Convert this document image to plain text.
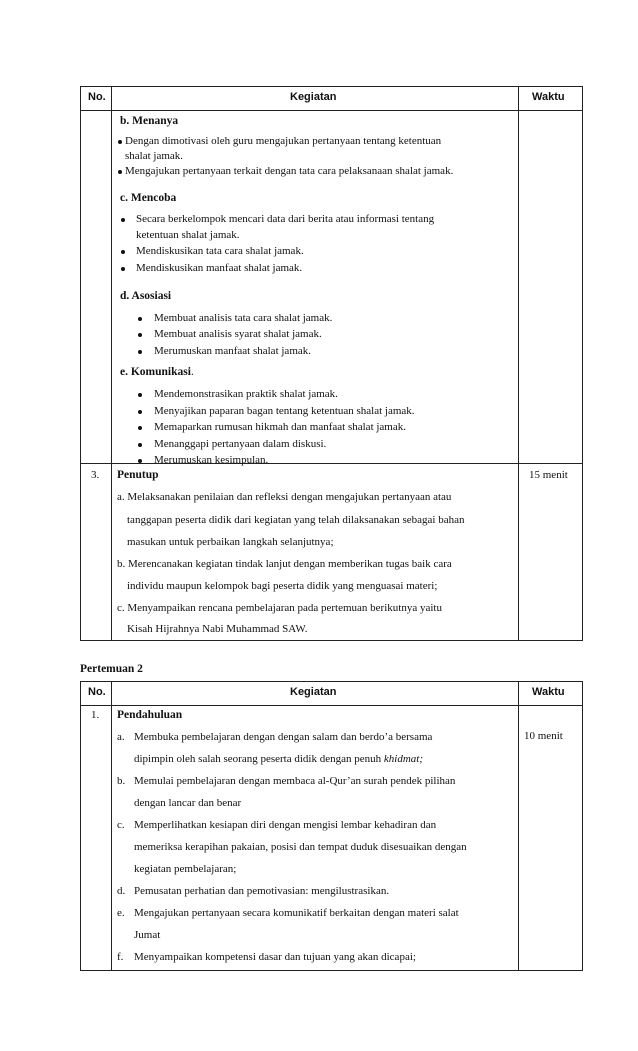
No.	Kegiatan	Waktu
b. Menanya
Dengan dimotivasi oleh guru mengajukan pertanyaan tentang ketentuan
shalat jamak.
Mengajukan pertanyaan terkait dengan tata cara pelaksanaan shalat jamak.
c. Mencoba
Secara berkelompok mencari data dari berita atau informasi tentang
ketentuan shalat jamak.
Mendiskusikan tata cara shalat jamak.
Mendiskusikan manfaat shalat jamak.
d. Asosiasi
Membuat analisis tata cara shalat jamak.
Membuat analisis syarat shalat jamak.
Merumuskan manfaat shalat jamak.
e. Komunikasi.
Mendemonstrasikan praktik shalat jamak.
Menyajikan paparan bagan tentang ketentuan shalat jamak.
Memaparkan rumusan hikmah dan manfaat shalat jamak.
Menanggapi pertanyaan dalam diskusi.
Merumuskan kesimpulan.
3. Penutup	15 menit
a. Melaksanakan penilaian dan refleksi dengan mengajukan pertanyaan atau
tanggapan peserta didik dari kegiatan yang telah dilaksanakan sebagai bahan
masukan untuk perbaikan langkah selanjutnya;
b. Merencanakan kegiatan tindak lanjut dengan memberikan tugas baik cara
individu maupun kelompok bagi peserta didik yang menguasai materi;
c. Menyampaikan rencana pembelajaran pada pertemuan berikutnya yaitu
Kisah Hijrahnya Nabi Muhammad SAW.
Pertemuan 2
No.	Kegiatan	Waktu
1. Pendahuluan
10 menit
a. Membuka pembelajaran dengan dengan salam dan berdo’a bersama
dipimpin oleh salah seorang peserta didik dengan penuh khidmat;
b. Memulai pembelajaran dengan membaca al-Qur’an surah pendek pilihan
dengan lancar dan benar
c. Memperlihatkan kesiapan diri dengan mengisi lembar kehadiran dan
memeriksa kerapihan pakaian, posisi dan tempat duduk disesuaikan dengan
kegiatan pembelajaran;
d. Pemusatan perhatian dan pemotivasian: mengilustrasikan.
e. Mengajukan pertanyaan secara komunikatif berkaitan dengan materi salat
Jumat
f. Menyampaikan kompetensi dasar dan tujuan yang akan dicapai;
